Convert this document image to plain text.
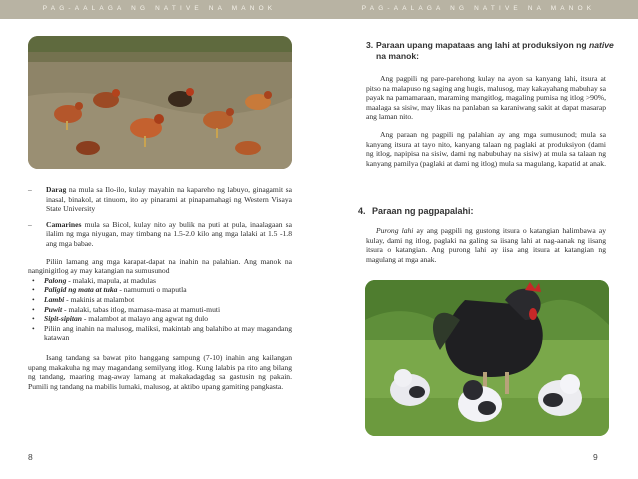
PAG-AALAGA NG NATIVE NA MANOK
–	Darag na mula sa Ilo-ilo, kulay mayahin na kapareho ng labuyo, ginagamit sa inasal, binakol, at tinuom, ito ay pinarami at pinapamahagi ng Western Visaya State University

–	Camarines mula sa Bicol, kulay nito ay bulik na puti at pula, inaalagaan sa ilalim ng mga niyugan, may timbang na 1.5-2.0 kilo ang mga lalaki at 1.5 -1.8 ang mga babae.

Piliin lamang ang mga karapat-dapat na inahin na palahian. Ang manok na nanginigitlog ay may katangian na sumusunod

• Palong - malaki, mapula, at madulas
• Paligid ng mata at tuka - namumuti o maputla
• Lambi - makinis at malambot
• Puwit - malaki, tabas itlog, mamasa-masa at mamuti-muti
• Sipit-sipitan - malambot at malayo ang agwat ng dulo
• Piliin ang inahin na malusog, maliksi, makintab ang balahibo at may magandang katawan

Isang tandang sa bawat pito hanggang sampung (7-10) inahin ang kailangan upang makakuha ng may magandang semilyang itlog. Kung lalabis pa rito ang bilang ng tandang, maaring mag-away lamang at makakadagdag sa gastusin ng pakain. Pumili ng tandang na mabilis lumaki, malusog, at aktibo upang gamiting pangkasta.

8
PAG-AALAGA NG NATIVE NA MANOK
3. Paraan upang mapataas ang lahi at produksiyon ng native na manok:

Ang pagpili ng pare-parehong kulay na ayon sa kanyang lahi, itsura at pitso na malapuso ng saging ang hugis, malusog, may kakayahang mabuhay sa payak na pamamaraan, maraming mangitlog, magaling pumisa ng itlog >90%, maalaga sa sisiw, may likas na panlaban sa karaniwang sakit at dapat masarap ang laman nito.

Ang paraan ng pagpili ng palahian ay ang mga sumusunod; mula sa kanyang itsura at tayo nito, kanyang talaan ng paglaki at produksiyon (dami ng itlog, napipisa na sisiw, dami ng nabubuhay na sisiw) at mula sa talaan ng kanyang pamilya (paglaki at dami ng itlog) mula sa magulang, kapatid at anak.

4. Paraan ng pagpapalahi:

Purong lahi ay ang pagpili ng gustong itsura o katangian halimbawa ay kulay, dami ng itlog, paglaki na galing sa iisang lahi at nag-aanak ng iisang itsura o katangian. Ang purong lahi ay iisa ang itsura at katangian ng magulang at mga anak.

9
